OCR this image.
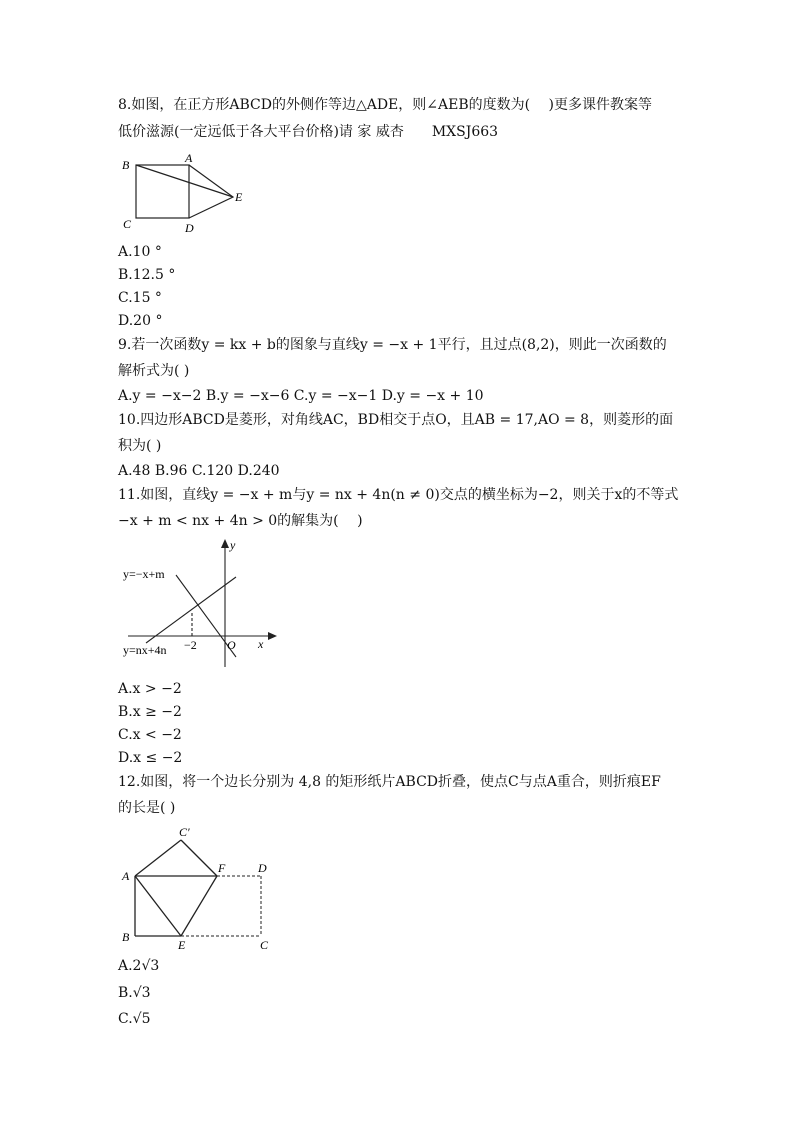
8.如图，在正方形ABCD的外侧作等边△ADE，则∠AEB的度数为(　 )更多课件教案等
低价滋源(一定远低于各大平台价格)请 家 威杏　　MXSJ663
B	A
C	D
E
A.10 °
B.12.5 °
C.15 °
D.20 °
9.若一次函数y = kx + b的图象与直线y = −x + 1平行，且过点(8,2)，则此一次函数的
解析式为( )
A.y = −x−2 B.y = −x−6 C.y = −x−1 D.y = −x + 10
10.四边形ABCD是菱形，对角线AC，BD相交于点O，且AB = 17,AO = 8，则菱形的面
积为( )
A.48 B.96 C.120 D.240
11.如图，直线y = −x + m与y = nx + 4n(n ≠ 0)交点的横坐标为−2，则关于x的不等式
−x + m < nx + 4n > 0的解集为(　 )
y
x
O
−2
y=−x+m
y=nx+4n
A.x > −2
B.x ≥ −2
C.x < −2
D.x ≤ −2
12.如图，将一个边长分别为 4,8 的矩形纸片ABCD折叠，使点C与点A重合，则折痕EF
的长是( )
A
B
E	C
D
F
C′
A.2√3
B.√3
C.√5
